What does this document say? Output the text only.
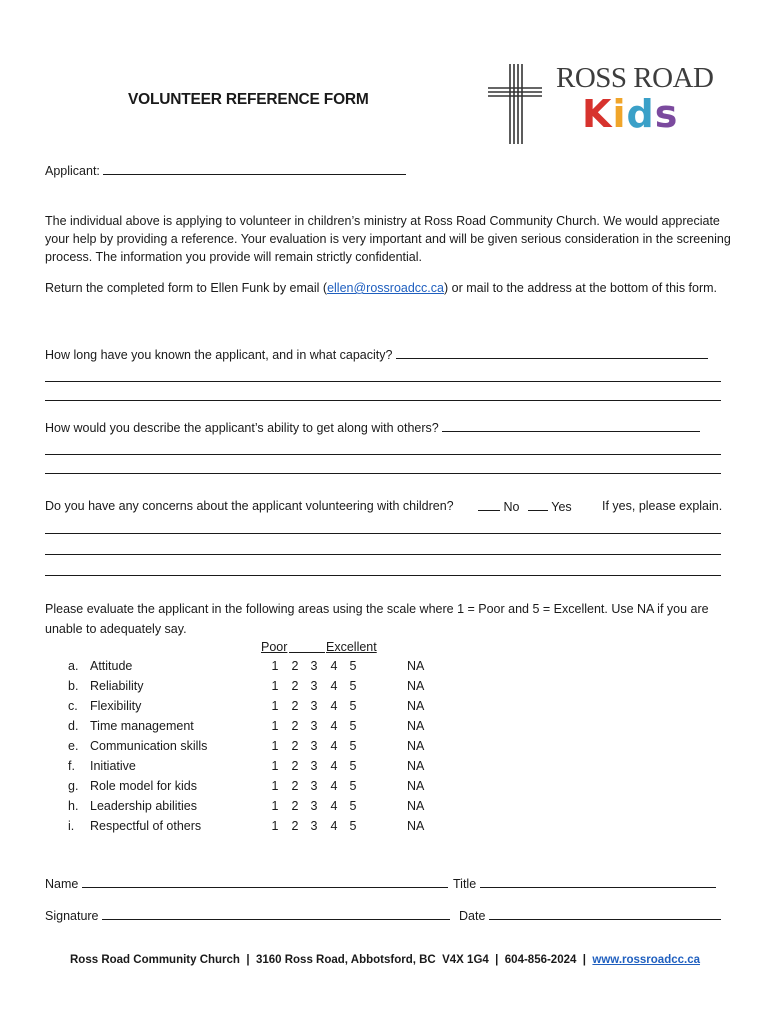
VOLUNTEER REFERENCE FORM
ROSS ROAD
Kids
Applicant:
The individual above is applying to volunteer in children’s ministry at Ross Road Community Church. We would appreciate your help by providing a reference. Your evaluation is very important and will be given serious consideration in the screening process. The information you provide will remain strictly confidential.
Return the completed form to Ellen Funk by email (ellen@rossroadcc.ca) or mail to the address at the bottom of this form.
How long have you known the applicant, and in what capacity?
How would you describe the applicant’s ability to get along with others?
Do you have any concerns about the applicant volunteering with children?	No	Yes If yes, please explain.
Please evaluate the applicant in the following areas using the scale where 1 = Poor and 5 = Excellent. Use NA if you are unable to adequately say.
Poor	Excellent
a. Attitude	1 2 3 4 5	NA
b. Reliability	1 2 3 4 5	NA
c. Flexibility	1 2 3 4 5	NA
d. Time management	1 2 3 4 5	NA
e. Communication skills	1 2 3 4 5	NA
f. Initiative	1 2 3 4 5	NA
g. Role model for kids	1 2 3 4 5	NA
h. Leadership abilities	1 2 3 4 5	NA
i. Respectful of others	1 2 3 4 5	NA
Name	Title
Signature	Date
Ross Road Community Church  |  3160 Ross Road, Abbotsford, BC  V4X 1G4  |  604-856-2024  |  www.rossroadcc.ca
